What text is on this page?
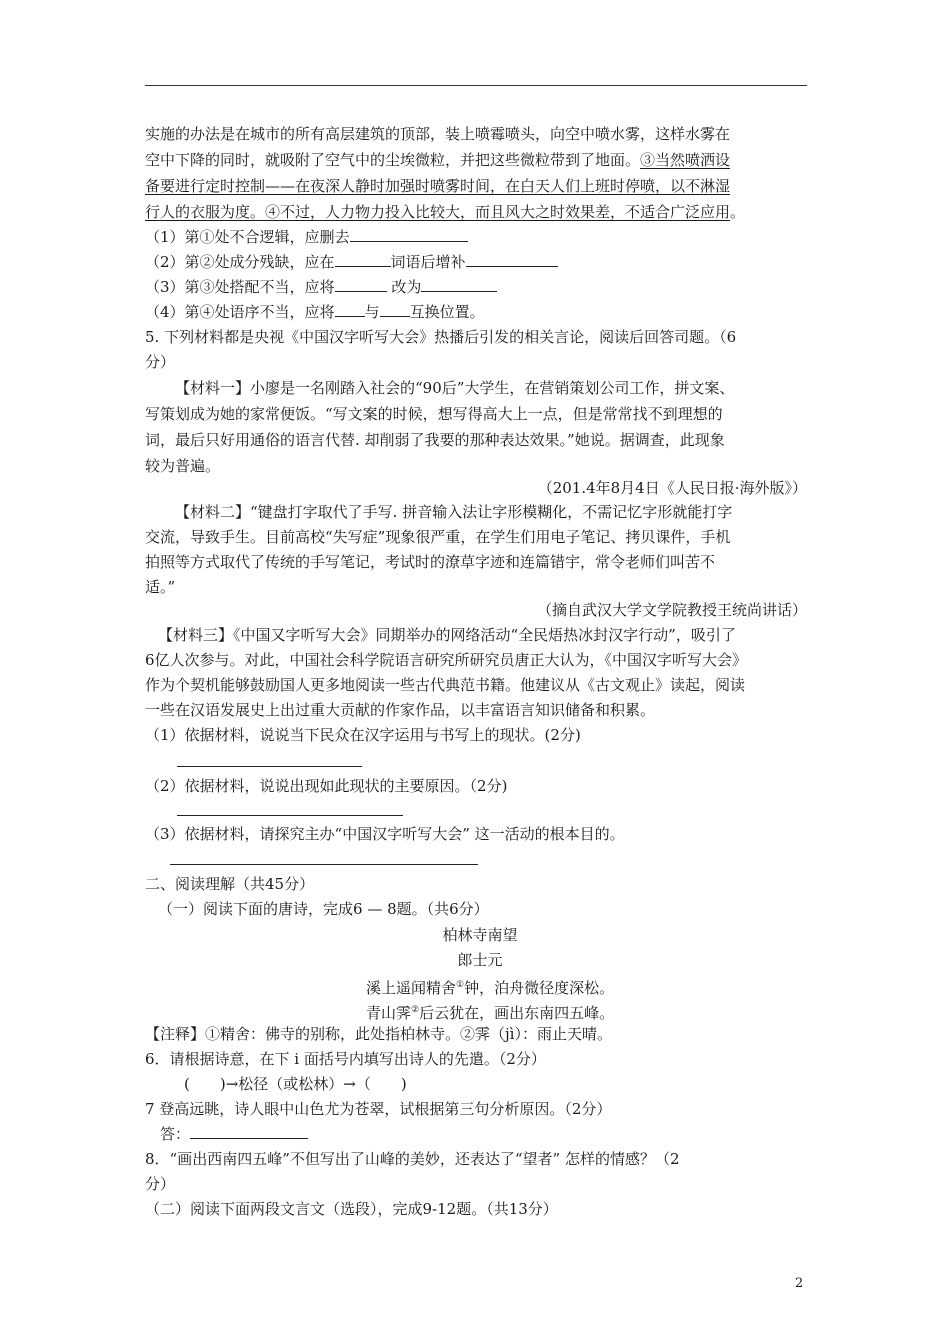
实施的办法是在城市的所有高层建筑的顶部，装上喷霉喷头，向空中喷水雾，这样水雾在
空中下降的同时，就吸附了空气中的尘埃微粒，并把这些微粒带到了地面。③当然喷洒设
备要进行定时控制——在夜深人静时加强时喷雾时间，在白天人们上班时停喷，以不淋湿
行人的衣服为度。④不过，人力物力投入比较大，而且风大之时效果差，不适合广泛应用。
（1）第①处不合逻辑，应删去
（2）第②处成分残缺，应在	词语后增补
（3）第③处搭配不当，应将	改为
（4）第④处语序不当，应将 与 互换位置。
5. 下列材料都是央视《中国汉字听写大会》热播后引发的相关言论，阅读后回答司题。（6
分）
【材料一】小廖是一名刚踏入社会的“90后”大学生，在营销策划公司工作，拼文案、
写策划成为她的家常便饭。“写文案的时候，想写得高大上一点，但是常常找不到理想的
词，最后只好用通俗的语言代替. 却削弱了我要的那种表达效果。”她说。据调查，此现象
较为普遍。
（201.4年8月4日《人民日报·海外版》）
【材料二】“键盘打字取代了手写. 拼音输入法让字形模糊化，不需记忆字形就能打字
交流，导致手生。目前高校“失写症”现象很严重，在学生们用电子笔记、拷贝课件，手机
拍照等方式取代了传统的手写笔记，考试时的潦草字迹和连篇错宇，常令老师们叫苦不
适。”
（摘自武汉大学文学院教授王统尚讲话）
【材料三】《中国又字听写大会》同期举办的网络活动“全民焐热冰封汉字行动”，吸引了
6亿人次参与。对此，中国社会科学院语言研究所研究员唐正大认为，《中国汉字听写大会》
作为个契机能够鼓励国人更多地阅读一些古代典范书籍。他建议从《古文观止》读起，阅读
一些在汉语发展史上出过重大贡献的作家作品，以丰富语言知识储备和积累。
（1）依据材料，说说当下民众在汉字运用与书写上的现状。(2分)
（2）依据材料，说说出现如此现状的主要原因。（2分)
（3）依据材料，请探究主办“中国汉字听写大会” 这一活动的根本目的。
二、阅读理解（共45分）
（一）阅读下面的唐诗，完成6 — 8题。（共6分）
柏林寺南望
郎士元
溪上遥闻精舍①钟，泊舟微径度深松。
青山霁②后云犹在，画出东南四五峰。
【注释】①精舍：佛寺的别称，此处指柏林寺。②霁（jì）：雨止天晴。
6．请根据诗意，在下 i 面括号内填写出诗人的先遣。（2分）
(　　)→松径（或松林）→（　　)
7 登高远眺，诗人眼中山色尤为苍翠，试根据第三句分析原因。（2分）
答：
8．“画出西南四五峰”不但写出了山峰的美妙，还表达了“望者” 怎样的情感？（2
分）
（二）阅读下面两段文言文（选段），完成9-12题。（共13分）
2
